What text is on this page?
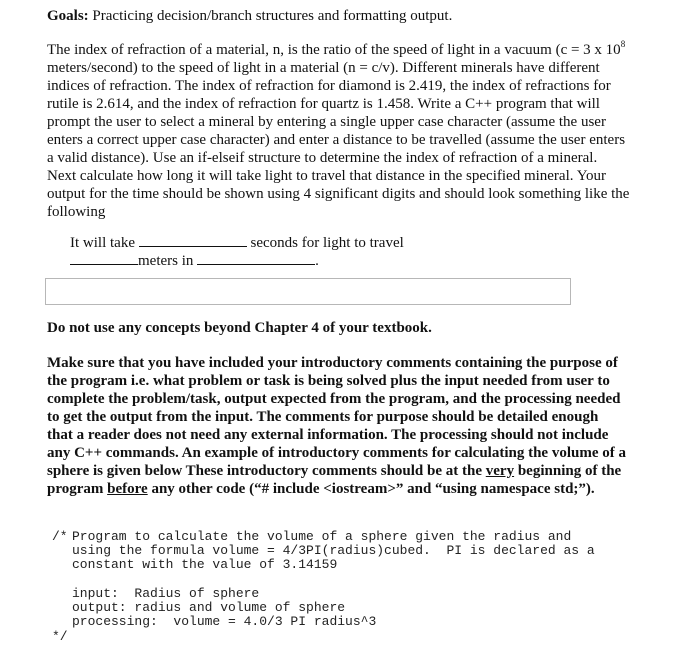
Goals: Practicing decision/branch structures and formatting output.
The index of refraction of a material, n, is the ratio of the speed of light in a vacuum (c = 3 x $10^8$
meters/second) to the speed of light in a material (n = c/v). Different minerals have different
indices of refraction. The index of refraction for diamond is 2.419, the index of refractions for
rutile is 2.614, and the index of refraction for quartz is 1.458. Write a C++ program that will
prompt the user to select a mineral by entering a single upper case character (assume the user
enters a correct upper case character) and enter a distance to be travelled (assume the user enters
a valid distance). Use an if-elseif structure to determine the index of refraction of a mineral.
Next calculate how long it will take light to travel that distance in the specified mineral. Your
output for the time should be shown using 4 significant digits and should look something like the
following
It will take	seconds for light to travel
meters in	.
Do not use any concepts beyond Chapter 4 of your textbook.
Make sure that you have included your introductory comments containing the purpose of
the program i.e. what problem or task is being solved plus the input needed from user to
complete the problem/task, output expected from the program, and the processing needed
to get the output from the input. The comments for purpose should be detailed enough
that a reader does not need any external information. The processing should not include
any C++ commands. An example of introductory comments for calculating the volume of a
sphere is given below These introductory comments should be at the very beginning of the
program before any other code (“# include <iostream>” and “using namespace std;”).
/* Program to calculate the volume of a sphere given the radius and
using the formula volume = 4/3PI(radius)cubed.  PI is declared as a
constant with the value of 3.14159
input:  Radius of sphere
output: radius and volume of sphere
processing:  volume = 4.0/3 PI radius^3
*/
